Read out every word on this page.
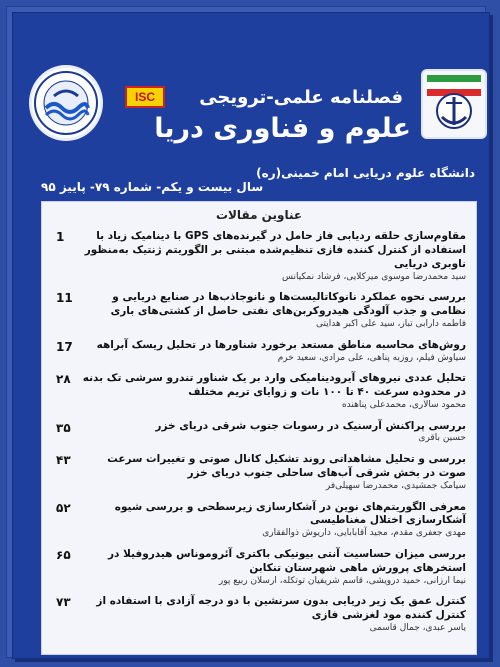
ISC	فصلنامه علمی-ترویجی
علوم و فناوری دریا
دانشگاه علوم دریایی امام خمینی(ره)
سال بیست و یکم- شماره ۷۹- پاییز ۹۵
عناوین مقالات
مقاوم‌سازی حلقه ردیابی فاز حامل در گیرنده‌های GPS با دینامیک زیاد با استفاده از کنترل کننده فازی تنظیم‌شده مبتنی بر الگوریتم ژنتیک به‌منظور ناوبری دریایی
سید محمدرضا موسوی میرکلایی، فرشاد نمکیانس
1
بررسی نحوه عملکرد نانوکاتالیست‌ها و نانوجاذب‌ها در صنایع دریایی و نظامی و جذب آلودگی هیدروکربن‌های نفتی حاصل از کشتی‌های باری
فاطمه دارابی تبار، سید علی اکبر هدایتی
11
روش‌های محاسبه مناطق مستعد برخورد شناورها در تحلیل ریسک آبراهه
سیاوش فیلم، روزبه پناهی، علی مرادی، سعید خرم
17
تحلیل عددی نیروهای آیرودینامیکی وارد بر یک شناور تندرو سرشی تک بدنه در محدوده سرعت ۴۰ تا ۱۰۰ نات و زوایای تریم مختلف
محمود سالاری، محمدعلی پناهنده
۲۸
بررسی پراکنش آرسنیک در رسوبات جنوب شرقی دریای خزر
حسین باقری
۳۵
بررسی و تحلیل مشاهداتی روند تشکیل کانال صوتی و تغییرات سرعت صوت در بخش شرقی آب‌های ساحلی جنوب دریای خزر
سیامک جمشیدی، محمدرضا سهیلی‌فر
۴۳
معرفی الگوریتم‌های نوین در آشکارسازی زیرسطحی و بررسی شیوه آشکارسازی اختلال مغناطیسی
مهدی جعفری مقدم، مجید آقابابایی، داریوش ذوالفقاری
۵۲
بررسی میزان حساسیت آنتی بیوتیکی باکتری آئروموناس هیدروفیلا در استخرهای پرورش ماهی شهرستان تنکابن
نیما ارزانی، حمید درویشی، قاسم شریفیان توتکله، ارسلان ربیع پور
۶۵
کنترل عمق یک زیر دریایی بدون سرنشین با دو درجه آزادی با استفاده از کنترل کننده مود لغزشی فازی
یاسر عبدی، جمال قاسمی
۷۳
